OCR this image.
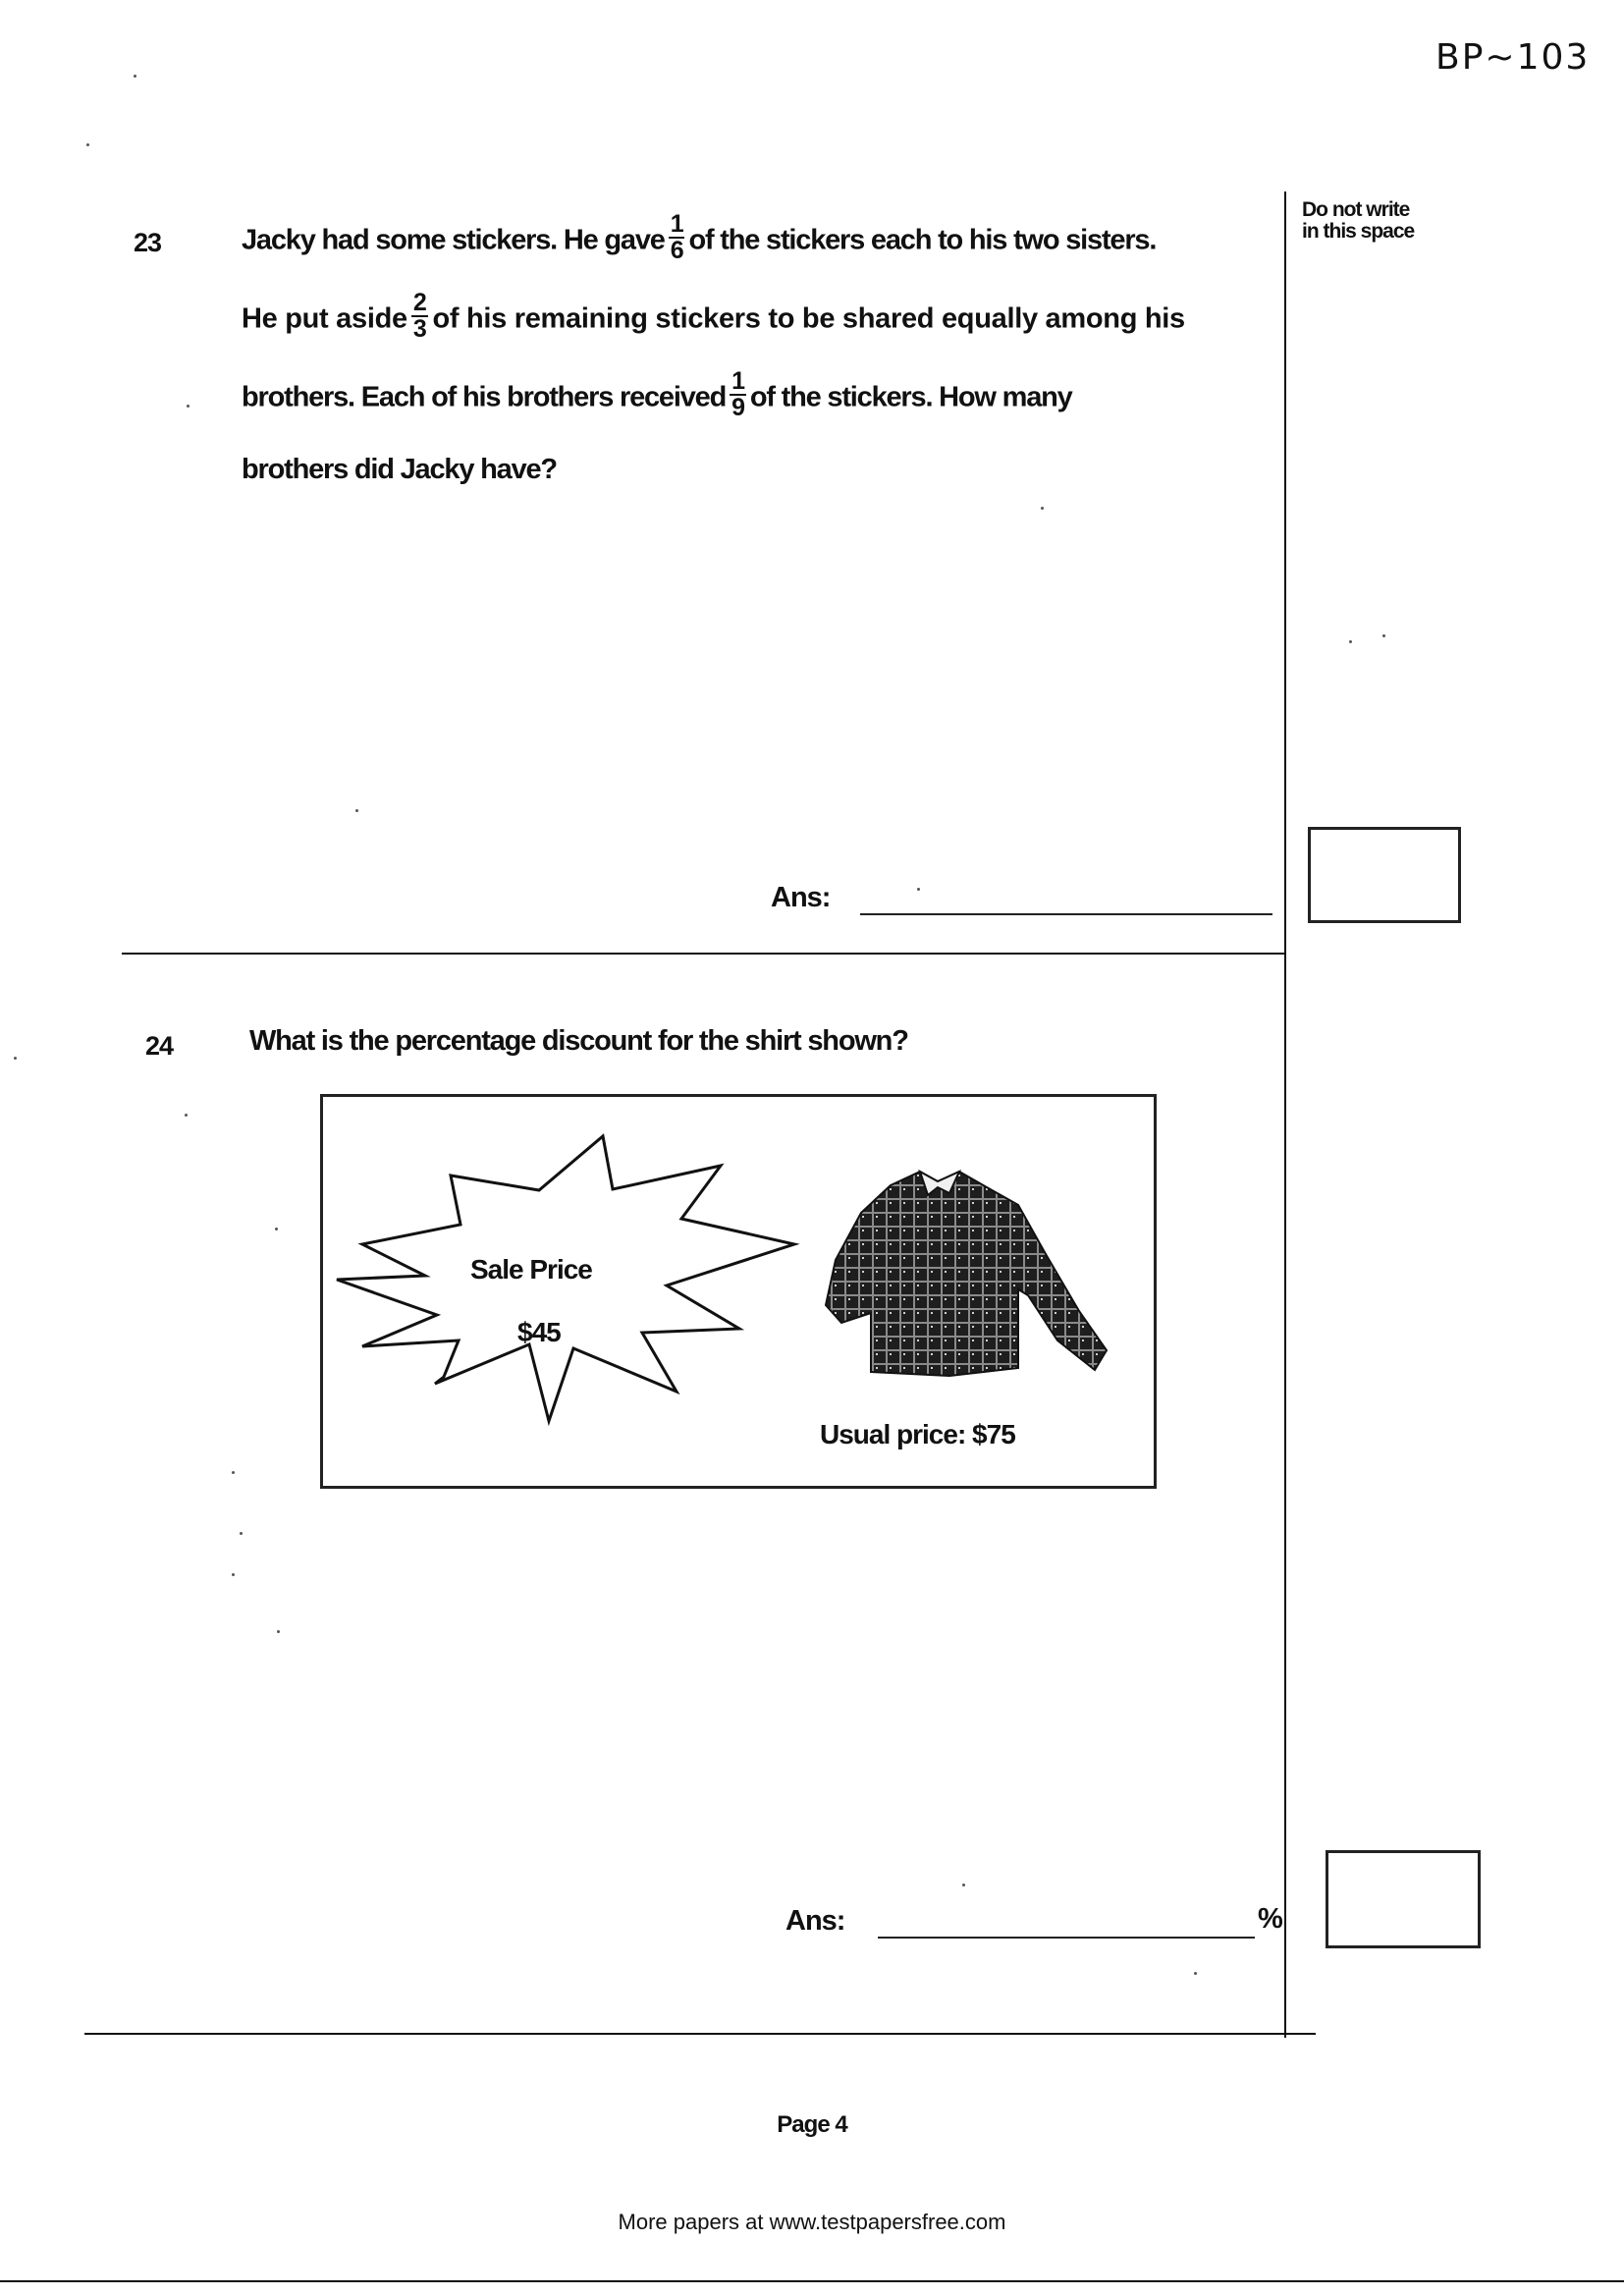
BP~103
Do not write
in this space
23	Jacky had some stickers. He gave $\frac{1}{6}$ of the stickers each to his two sisters.
He put aside $\frac{2}{3}$ of his remaining stickers to be shared equally among his
brothers. Each of his brothers received $\frac{1}{9}$ of the stickers. How many
brothers did Jacky have?
Ans:
24	What is the percentage discount for the shirt shown?
Sale Price
$45
Usual price: $75
Ans:	%
Page 4
More papers at www.testpapersfree.com
